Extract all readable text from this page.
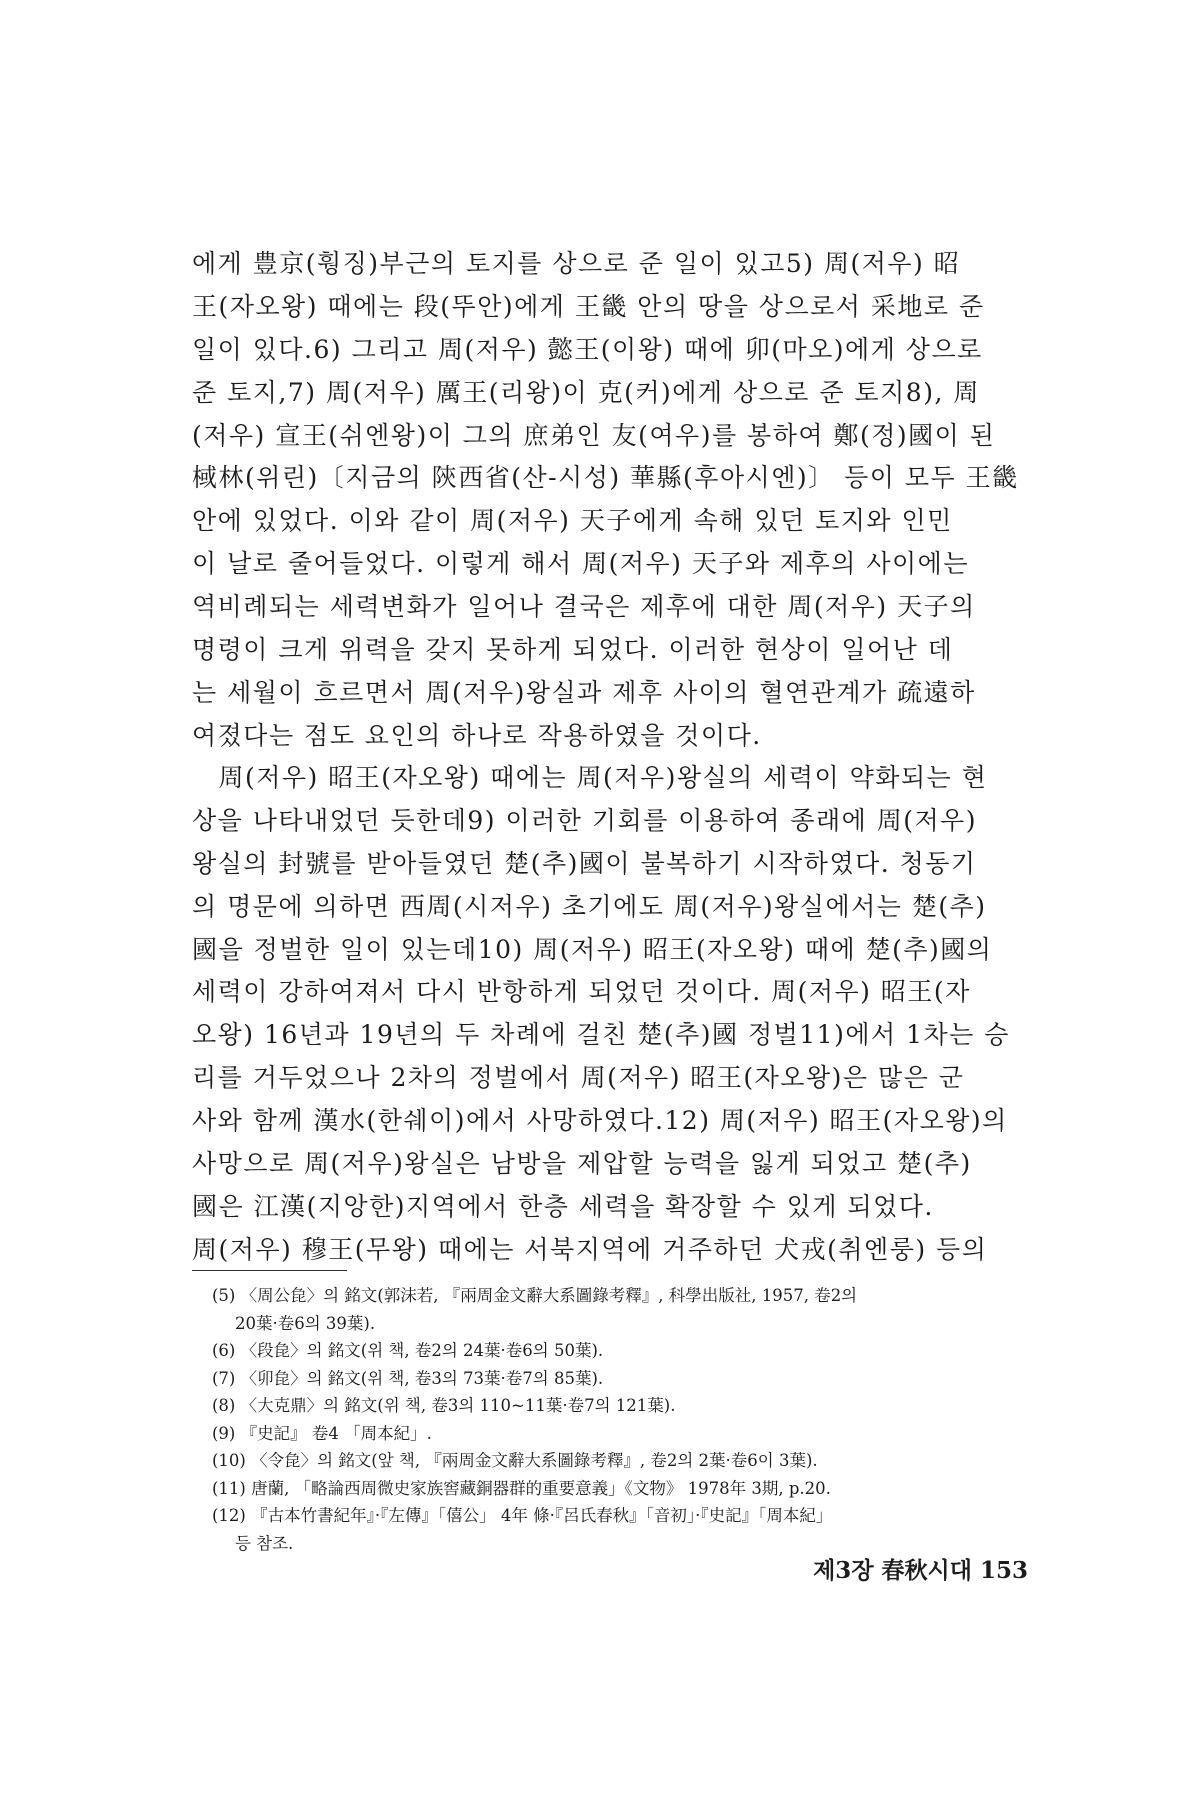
에게 豊京(훵징)부근의 토지를 상으로 준 일이 있고5) 周(저우) 昭
王(자오왕) 때에는 段(뚜안)에게 王畿 안의 땅을 상으로서 采地로 준
일이 있다.6) 그리고 周(저우) 懿王(이왕) 때에 卯(마오)에게 상으로
준 토지,7) 周(저우) 厲王(리왕)이 克(커)에게 상으로 준 토지8), 周
(저우) 宣王(쉬엔왕)이 그의 庶弟인 友(여우)를 봉하여 鄭(정)國이 된
棫林(위린)〔지금의 陝西省(산-시성) 華縣(후아시엔)〕 등이 모두 王畿
안에 있었다. 이와 같이 周(저우) 天子에게 속해 있던 토지와 인민
이 날로 줄어들었다. 이렇게 해서 周(저우) 天子와 제후의 사이에는
역비례되는 세력변화가 일어나 결국은 제후에 대한 周(저우) 天子의
명령이 크게 위력을 갖지 못하게 되었다. 이러한 현상이 일어난 데
는 세월이 흐르면서 周(저우)왕실과 제후 사이의 혈연관계가 疏遠하
여졌다는 점도 요인의 하나로 작용하였을 것이다.
　周(저우) 昭王(자오왕) 때에는 周(저우)왕실의 세력이 약화되는 현
상을 나타내었던 듯한데9) 이러한 기회를 이용하여 종래에 周(저우)
왕실의 封號를 받아들였던 楚(추)國이 불복하기 시작하였다. 청동기
의 명문에 의하면 西周(시저우) 초기에도 周(저우)왕실에서는 楚(추)
國을 정벌한 일이 있는데10) 周(저우) 昭王(자오왕) 때에 楚(추)國의
세력이 강하여져서 다시 반항하게 되었던 것이다. 周(저우) 昭王(자
오왕) 16년과 19년의 두 차례에 걸친 楚(추)國 정벌11)에서 1차는 승
리를 거두었으나 2차의 정벌에서 周(저우) 昭王(자오왕)은 많은 군
사와 함께 漢水(한쉐이)에서 사망하였다.12) 周(저우) 昭王(자오왕)의
사망으로 周(저우)왕실은 남방을 제압할 능력을 잃게 되었고 楚(추)
國은 江漢(지앙한)지역에서 한층 세력을 확장할 수 있게 되었다.
周(저우) 穆王(무왕) 때에는 서북지역에 거주하던 犬戎(취엔룽) 등의
(5) 〈周公㲋〉의 銘文(郭沫若, 『兩周金文辭大系圖錄考釋』, 科學出版社, 1957, 卷2의
20葉·卷6의 39葉).
(6) 〈段㲋〉의 銘文(위 책, 卷2의 24葉·卷6의 50葉).
(7) 〈卯㲋〉의 銘文(위 책, 卷3의 73葉·卷7의 85葉).
(8) 〈大克鼎〉의 銘文(위 책, 卷3의 110~11葉·卷7의 121葉).
(9) 『史記』 卷4 「周本紀」.
(10) 〈令㲋〉의 銘文(앞 책, 『兩周金文辭大系圖錄考釋』, 卷2의 2葉·卷6이 3葉).
(11) 唐蘭, 「略論西周微史家族窖藏銅器群的重要意義」《文物》 1978年 3期, p.20.
(12) 『古本竹書紀年』·『左傳』「僖公」 4年 條·『呂氏春秋』「音初」·『史記』「周本紀」
등 참조.
제3장 春秋시대 153
